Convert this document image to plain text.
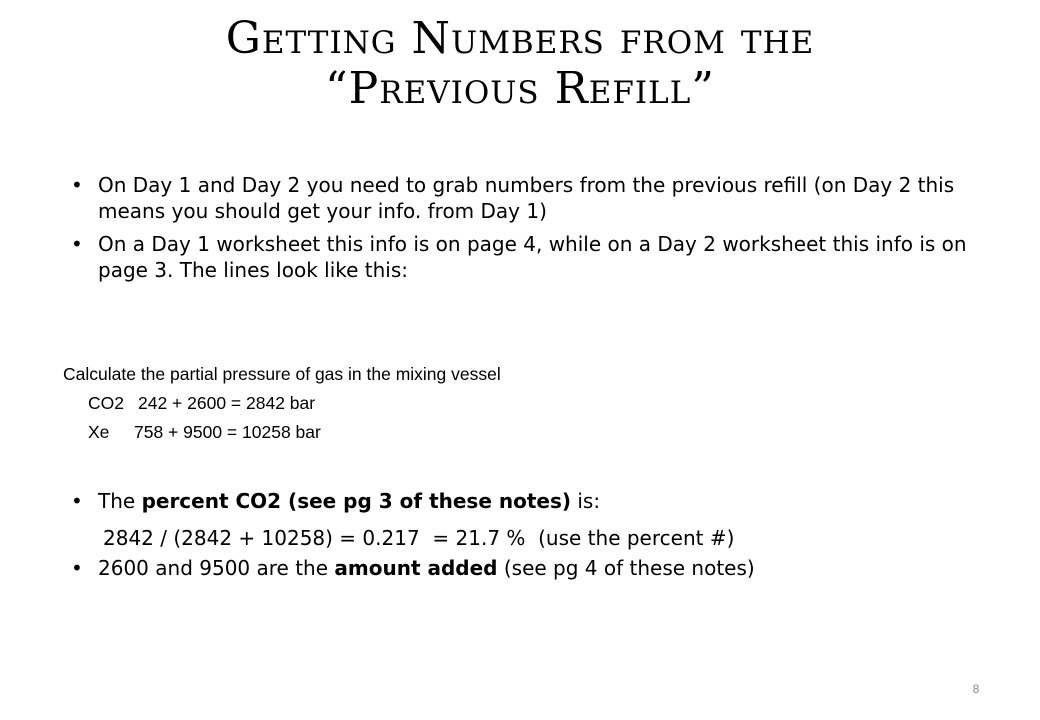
Getting Numbers from the
“Previous Refill”
• On Day 1 and Day 2 you need to grab numbers from the previous refill (on Day 2 this means you should get your info. from Day 1)
• On a Day 1 worksheet this info is on page 4, while on a Day 2 worksheet this info is on page 3. The lines look like this:
Calculate the partial pressure of gas in the mixing vessel
CO2 242 + 2600 = 2842 bar
Xe 758 + 9500 = 10258 bar
• The percent CO2 (see pg 3 of these notes) is:
2842 / (2842 + 10258) = 0.217  = 21.7 %  (use the percent #)
• 2600 and 9500 are the amount added (see pg 4 of these notes)
8
